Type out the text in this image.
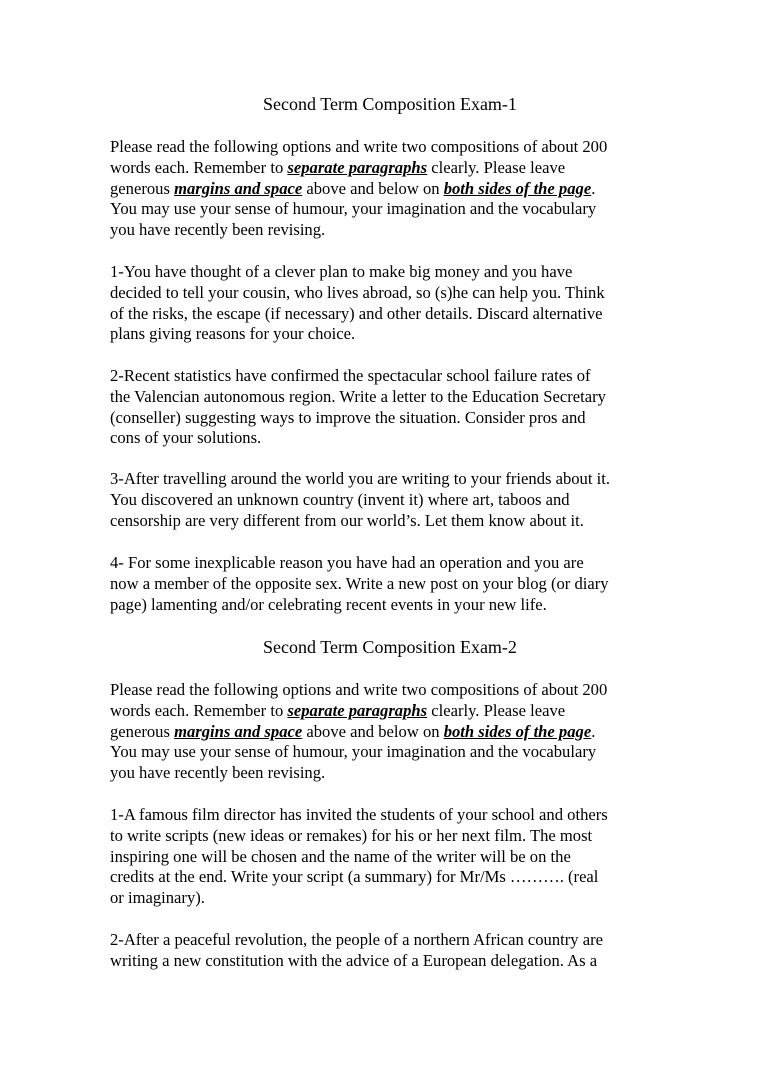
Second Term Composition Exam-1

Please read the following options and write two compositions of about 200
words each. Remember to separate paragraphs clearly. Please leave
generous margins and space above and below on both sides of the page.
You may use your sense of humour, your imagination and the vocabulary
you have recently been revising.
1-You have thought of a clever plan to make big money and you have
decided to tell your cousin, who lives abroad, so (s)he can help you. Think
of the risks, the escape (if necessary) and other details. Discard alternative
plans giving reasons for your choice.
2-Recent statistics have confirmed the spectacular school failure rates of
the Valencian autonomous region. Write a letter to the Education Secretary
(conseller) suggesting ways to improve the situation. Consider pros and
cons of your solutions.
3-After travelling around the world you are writing to your friends about it.
You discovered an unknown country (invent it) where art, taboos and
censorship are very different from our world’s. Let them know about it.
4- For some inexplicable reason you have had an operation and you are
now a member of the opposite sex. Write a new post on your blog (or diary
page) lamenting and/or celebrating recent events in your new life.

Second Term Composition Exam-2

Please read the following options and write two compositions of about 200
words each. Remember to separate paragraphs clearly. Please leave
generous margins and space above and below on both sides of the page.
You may use your sense of humour, your imagination and the vocabulary
you have recently been revising.
1-A famous film director has invited the students of your school and others
to write scripts (new ideas or remakes) for his or her next film. The most
inspiring one will be chosen and the name of the writer will be on the
credits at the end. Write your script (a summary) for Mr/Ms ………. (real
or imaginary).
2-After a peaceful revolution, the people of a northern African country are
writing a new constitution with the advice of a European delegation. As a
